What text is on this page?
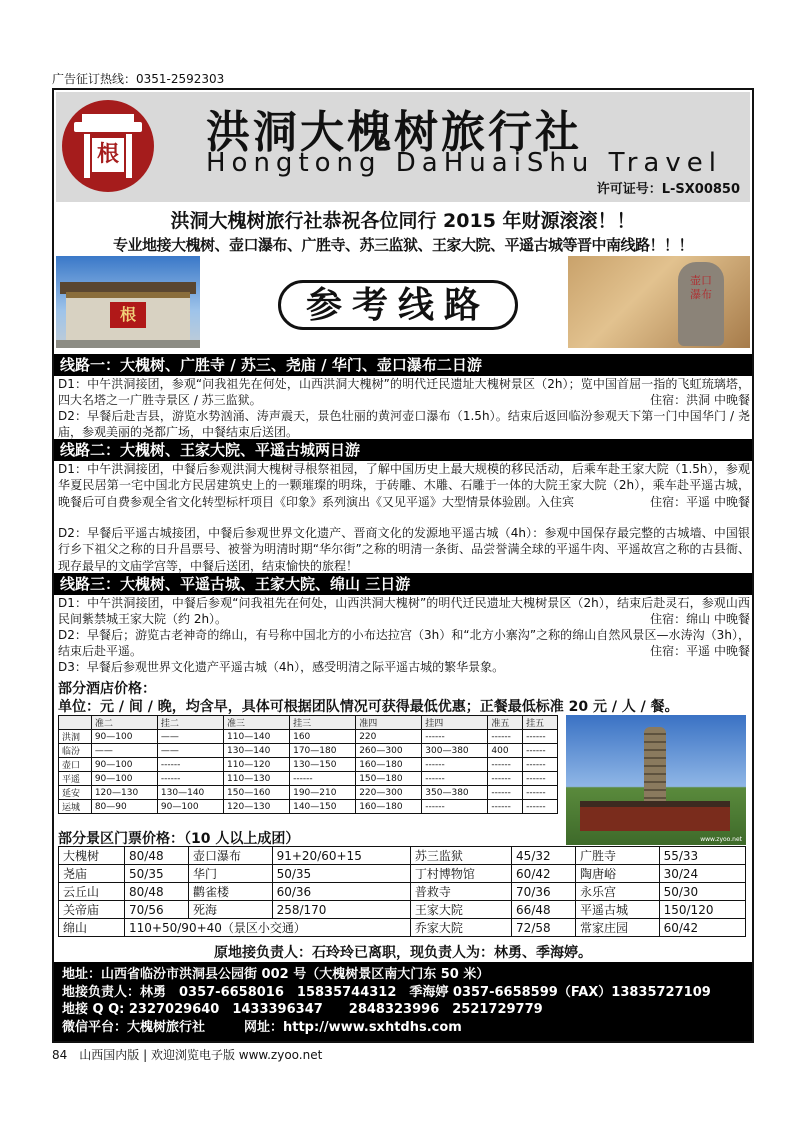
广告征订热线：0351-2592303
根 洪洞大槐树旅行社
Hongtong DaHuaiShu Travel
许可证号：L-SX00850
洪洞大槐树旅行社恭祝各位同行 2015 年财源滚滚！！
专业地接大槐树、壶口瀑布、广胜寺、苏三监狱、王家大院、平遥古城等晋中南线路！！！
根	参考线路
壶口瀑布
线路一：大槐树、广胜寺 / 苏三、尧庙 / 华门、壶口瀑布二日游
D1：中午洪洞接团，参观“问我祖先在何处，山西洪洞大槐树”的明代迁民遗址大槐树景区（2h）；览中国首屈一指的飞虹琉璃塔，四大名塔之一广胜寺景区 / 苏三监狱。	住宿：洪洞 中晚餐
D2：早餐后赴吉县，游览水势汹涌、涛声震天，景色壮丽的黄河壶口瀑布（1.5h）。结束后返回临汾参观天下第一门中国华门 / 尧庙，参观美丽的尧都广场，中餐结束后送团。
线路二：大槐树、王家大院、平遥古城两日游
D1：中午洪洞接团，中餐后参观洪洞大槐树寻根祭祖园，了解中国历史上最大规模的移民活动，后乘车赴王家大院（1.5h），参观华夏民居第一宅中国北方民居建筑史上的一颗璀璨的明珠，于砖雕、木雕、石雕于一体的大院王家大院（2h），乘车赴平遥古城，晚餐后可自费参观全省文化转型标杆项目《印象》系列演出《又见平遥》大型情景体验剧。入住宾	住宿：平遥 中晚餐
D2：早餐后平遥古城接团，中餐后参观世界文化遗产、晋商文化的发源地平遥古城（4h）：参观中国保存最完整的古城墙、中国银行乡下祖父之称的日升昌票号、被誉为明清时期“华尔街”之称的明清一条街、品尝誉满全球的平遥牛肉、平遥故宫之称的古县衙、现存最早的文庙学宫等，中餐后送团，结束愉快的旅程！
线路三：大槐树、平遥古城、王家大院、绵山 三日游
D1：中午洪洞接团，中餐后参观“问我祖先在何处，山西洪洞大槐树”的明代迁民遗址大槐树景区（2h），结束后赴灵石，参观山西民间紫禁城王家大院（约 2h）。	住宿：绵山 中晚餐
D2：早餐后；游览古老神奇的绵山，有号称中国北方的小布达拉宫（3h）和“北方小寨沟”之称的绵山自然风景区—水涛沟（3h），结束后赴平遥。	住宿：平遥 中晚餐
D3：早餐后参观世界文化遗产平遥古城（4h），感受明清之际平遥古城的繁华景象。
部分酒店价格：
单位：元 / 间 / 晚，均含早，具体可根据团队情况可获得最低优惠；正餐最低标准 20 元 / 人 / 餐。
	准二	挂二	准三	挂三	准四	挂四	准五	挂五
洪洞	90—100	——	110—140	160	220	------	------	------
临汾	——	——	130—140	170—180	260—300	300—380	400	------
壶口	90—100	------	110—120	130—150	160—180	------	------	------
平遥	90—100	------	110—130	------	150—180	------	------	------
延安	120—130	130—140	150—160	190—210	220—300	350—380	------	------
运城	80—90	90—100	120—130	140—150	160—180	------	------	------
www.zyoo.net
部分景区门票价格：（10 人以上成团）
大槐树	80/48	壶口瀑布	91+20/60+15	苏三监狱	45/32	广胜寺	55/33
尧庙	50/35	华门	50/35	丁村博物馆	60/42	陶唐峪	30/24
云丘山	80/48	鹳雀楼	60/36	普救寺	70/36	永乐宫	50/30
关帝庙	70/56	死海	258/170	王家大院	66/48	平遥古城	150/120
绵山	110+50/90+40（景区小交通）			乔家大院	72/58	常家庄园	60/42
原地接负责人：石玲玲已离职，现负责人为：林勇、季海婷。
地址：山西省临汾市洪洞县公园街 002 号（大槐树景区南大门东 50 米）
地接负责人：林勇　0357-6658016　15835744312　季海婷 0357-6658599（FAX）13835727109
地接 Q Q: 2327029640　1433396347　　2848323996　2521729779
微信平台：大槐树旅行社　　　网址：http://www.sxhtdhs.com
84　山西国内版 | 欢迎浏览电子版 www.zyoo.net
